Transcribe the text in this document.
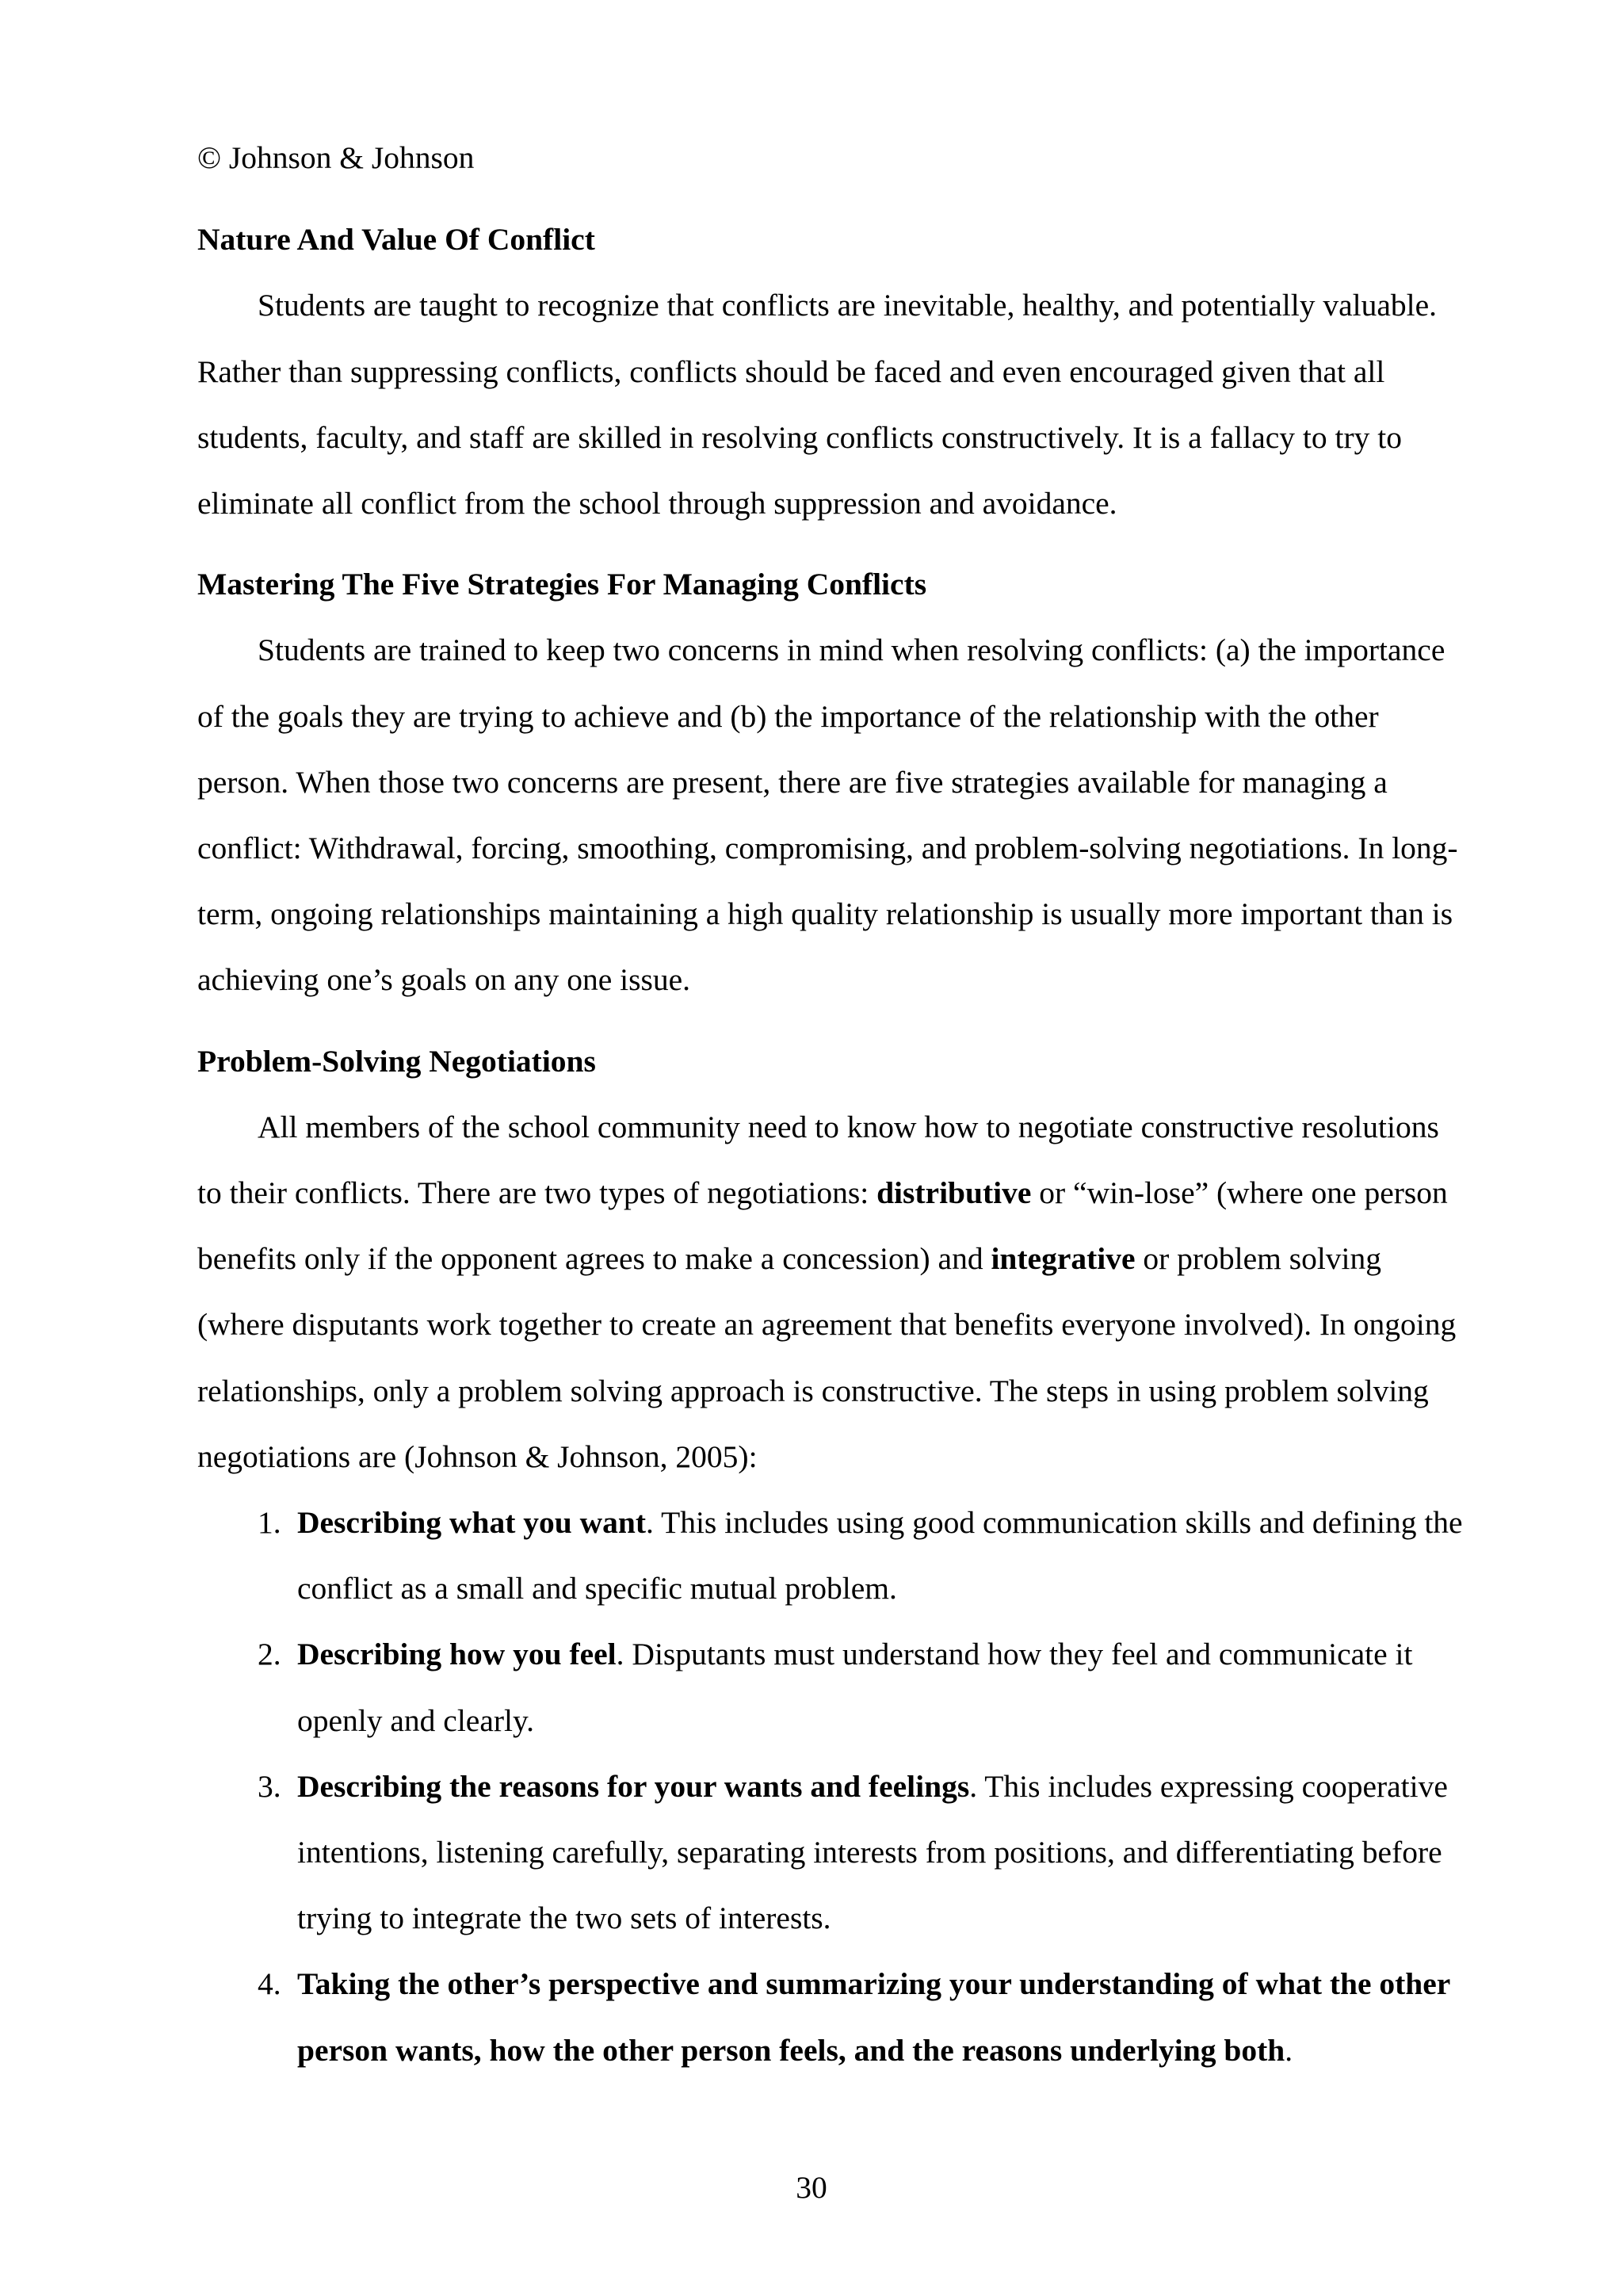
© Johnson & Johnson
Nature And Value Of Conflict

Students are taught to recognize that conflicts are inevitable, healthy, and potentially valuable. Rather than suppressing conflicts, conflicts should be faced and even encouraged given that all students, faculty, and staff are skilled in resolving conflicts constructively. It is a fallacy to try to eliminate all conflict from the school through suppression and avoidance.

Mastering The Five Strategies For Managing Conflicts

Students are trained to keep two concerns in mind when resolving conflicts: (a) the importance of the goals they are trying to achieve and (b) the importance of the relationship with the other person. When those two concerns are present, there are five strategies available for managing a conflict: Withdrawal, forcing, smoothing, compromising, and problem-solving negotiations. In long-term, ongoing relationships maintaining a high quality relationship is usually more important than is achieving one’s goals on any one issue.

Problem-Solving Negotiations

All members of the school community need to know how to negotiate constructive resolutions to their conflicts. There are two types of negotiations: distributive or “win-lose” (where one person benefits only if the opponent agrees to make a concession) and integrative or problem solving (where disputants work together to create an agreement that benefits everyone involved). In ongoing relationships, only a problem solving approach is constructive. The steps in using problem solving negotiations are (Johnson & Johnson, 2005):

1. Describing what you want. This includes using good communication skills and defining the conflict as a small and specific mutual problem.
2. Describing how you feel. Disputants must understand how they feel and communicate it openly and clearly.
3. Describing the reasons for your wants and feelings. This includes expressing cooperative intentions, listening carefully, separating interests from positions, and differentiating before trying to integrate the two sets of interests.
4. Taking the other’s perspective and summarizing your understanding of what the other person wants, how the other person feels, and the reasons underlying both.
30
